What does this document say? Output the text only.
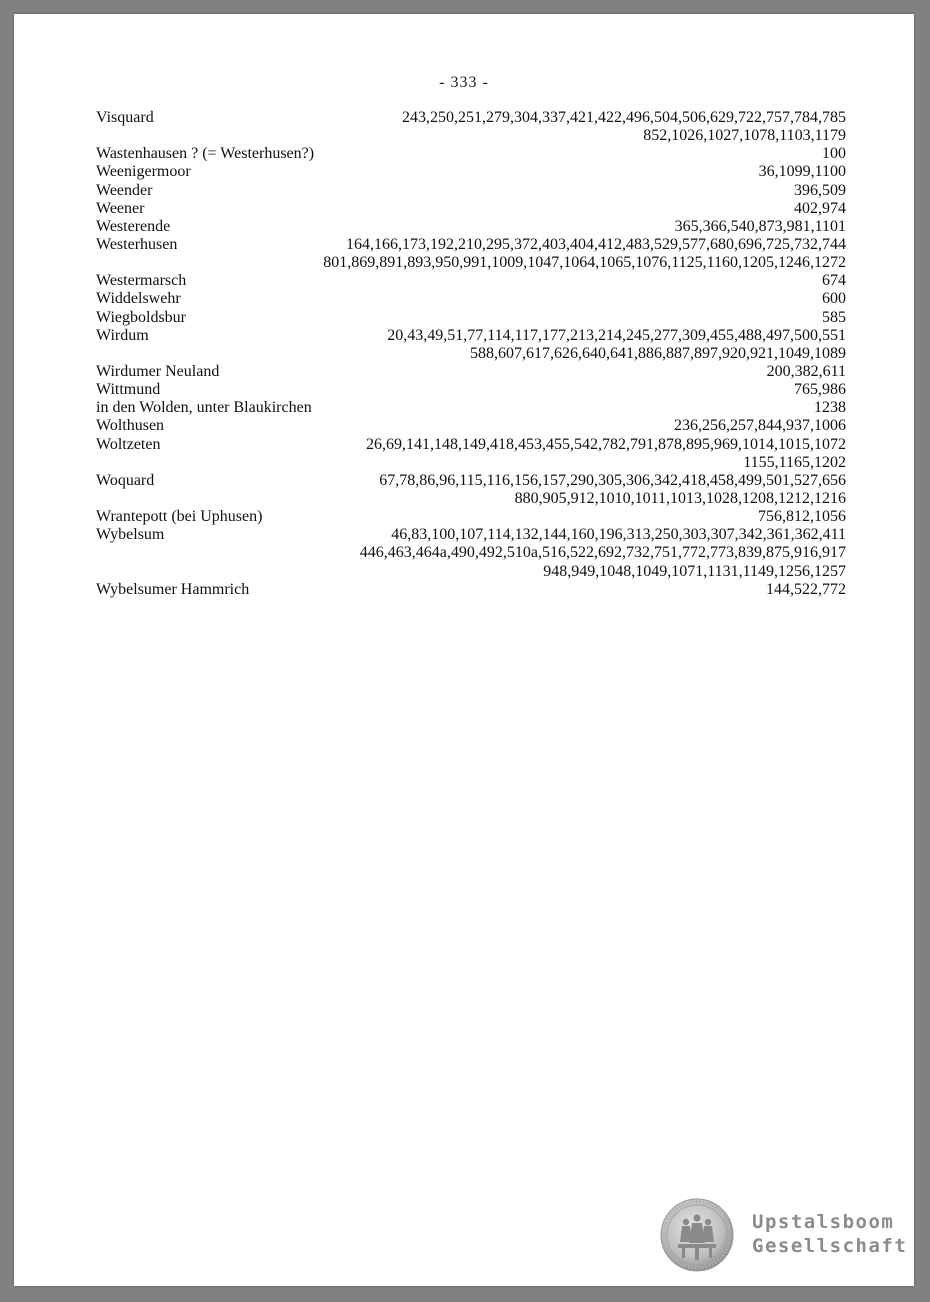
- 333 -
Visquard	243,250,251,279,304,337,421,422,496,504,506,629,722,757,784,785
852,1026,1027,1078,1103,1179
Wastenhausen ? (= Westerhusen?)	100
Weenigermoor	36,1099,1100
Weender	396,509
Weener	402,974
Westerende	365,366,540,873,981,1101
Westerhusen	164,166,173,192,210,295,372,403,404,412,483,529,577,680,696,725,732,744
801,869,891,893,950,991,1009,1047,1064,1065,1076,1125,1160,1205,1246,1272
Westermarsch	674
Widdelswehr	600
Wiegboldsbur	585
Wirdum	20,43,49,51,77,114,117,177,213,214,245,277,309,455,488,497,500,551
588,607,617,626,640,641,886,887,897,920,921,1049,1089
Wirdumer Neuland	200,382,611
Wittmund	765,986
in den Wolden, unter Blaukirchen	1238
Wolthusen	236,256,257,844,937,1006
Woltzeten	26,69,141,148,149,418,453,455,542,782,791,878,895,969,1014,1015,1072
1155,1165,1202
Woquard	67,78,86,96,115,116,156,157,290,305,306,342,418,458,499,501,527,656
880,905,912,1010,1011,1013,1028,1208,1212,1216
Wrantepott (bei Uphusen)	756,812,1056
Wybelsum	46,83,100,107,114,132,144,160,196,313,250,303,307,342,361,362,411
446,463,464a,490,492,510a,516,522,692,732,751,772,773,839,875,916,917
948,949,1048,1049,1071,1131,1149,1256,1257
Wybelsumer Hammrich	144,522,772
Upstalsboom
Gesellschaft
